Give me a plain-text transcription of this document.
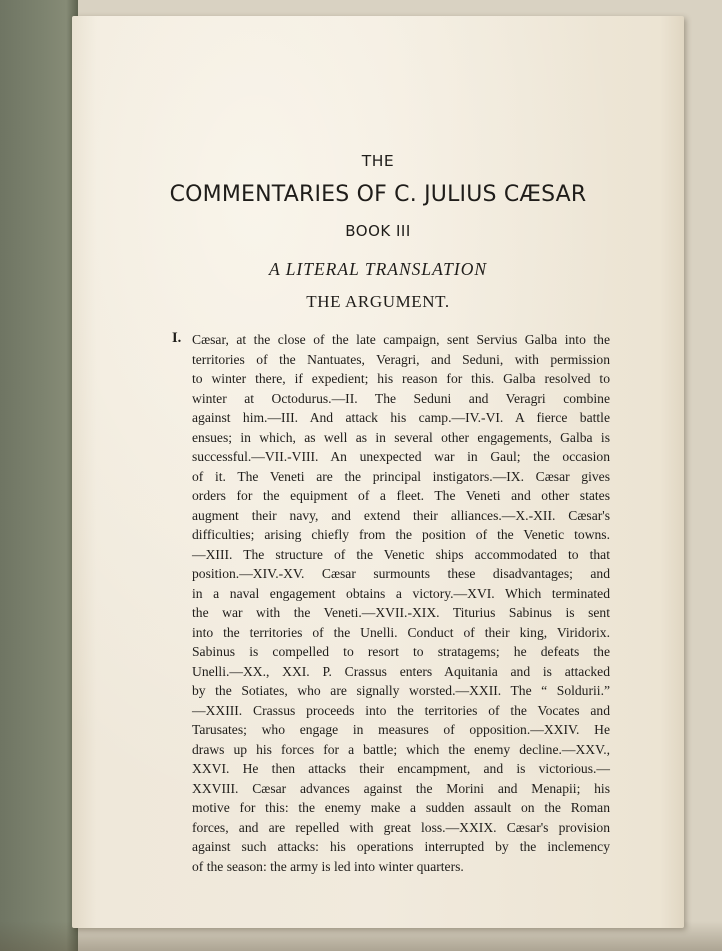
THE
COMMENTARIES OF C. JULIUS CÆSAR
BOOK III
A LITERAL TRANSLATION
THE ARGUMENT.
I. Cæsar, at the close of the late campaign, sent Servius Galba into the
territories of the Nantuates, Veragri, and Seduni, with permission
to winter there, if expedient; his reason for this. Galba resolved to
winter at Octodurus.—II. The Seduni and Veragri combine
against him.—III. And attack his camp.—IV.-VI. A fierce battle
ensues; in which, as well as in several other engagements, Galba is
successful.—VII.-VIII. An unexpected war in Gaul; the occasion
of it. The Veneti are the principal instigators.—IX. Cæsar gives
orders for the equipment of a fleet. The Veneti and other states
augment their navy, and extend their alliances.—X.-XII. Cæsar's
difficulties; arising chiefly from the position of the Venetic towns.
—XIII. The structure of the Venetic ships accommodated to that
position.—XIV.-XV. Cæsar surmounts these disadvantages; and
in a naval engagement obtains a victory.—XVI. Which terminated
the war with the Veneti.—XVII.-XIX. Titurius Sabinus is sent
into the territories of the Unelli. Conduct of their king, Viridorix.
Sabinus is compelled to resort to stratagems; he defeats the
Unelli.—XX., XXI. P. Crassus enters Aquitania and is attacked
by the Sotiates, who are signally worsted.—XXII. The “ Soldurii.”
—XXIII. Crassus proceeds into the territories of the Vocates and
Tarusates; who engage in measures of opposition.—XXIV. He
draws up his forces for a battle; which the enemy decline.—XXV.,
XXVI. He then attacks their encampment, and is victorious.—
XXVIII. Cæsar advances against the Morini and Menapii; his
motive for this: the enemy make a sudden assault on the Roman
forces, and are repelled with great loss.—XXIX. Cæsar's provision
against such attacks: his operations interrupted by the inclemency
of the season: the army is led into winter quarters.
